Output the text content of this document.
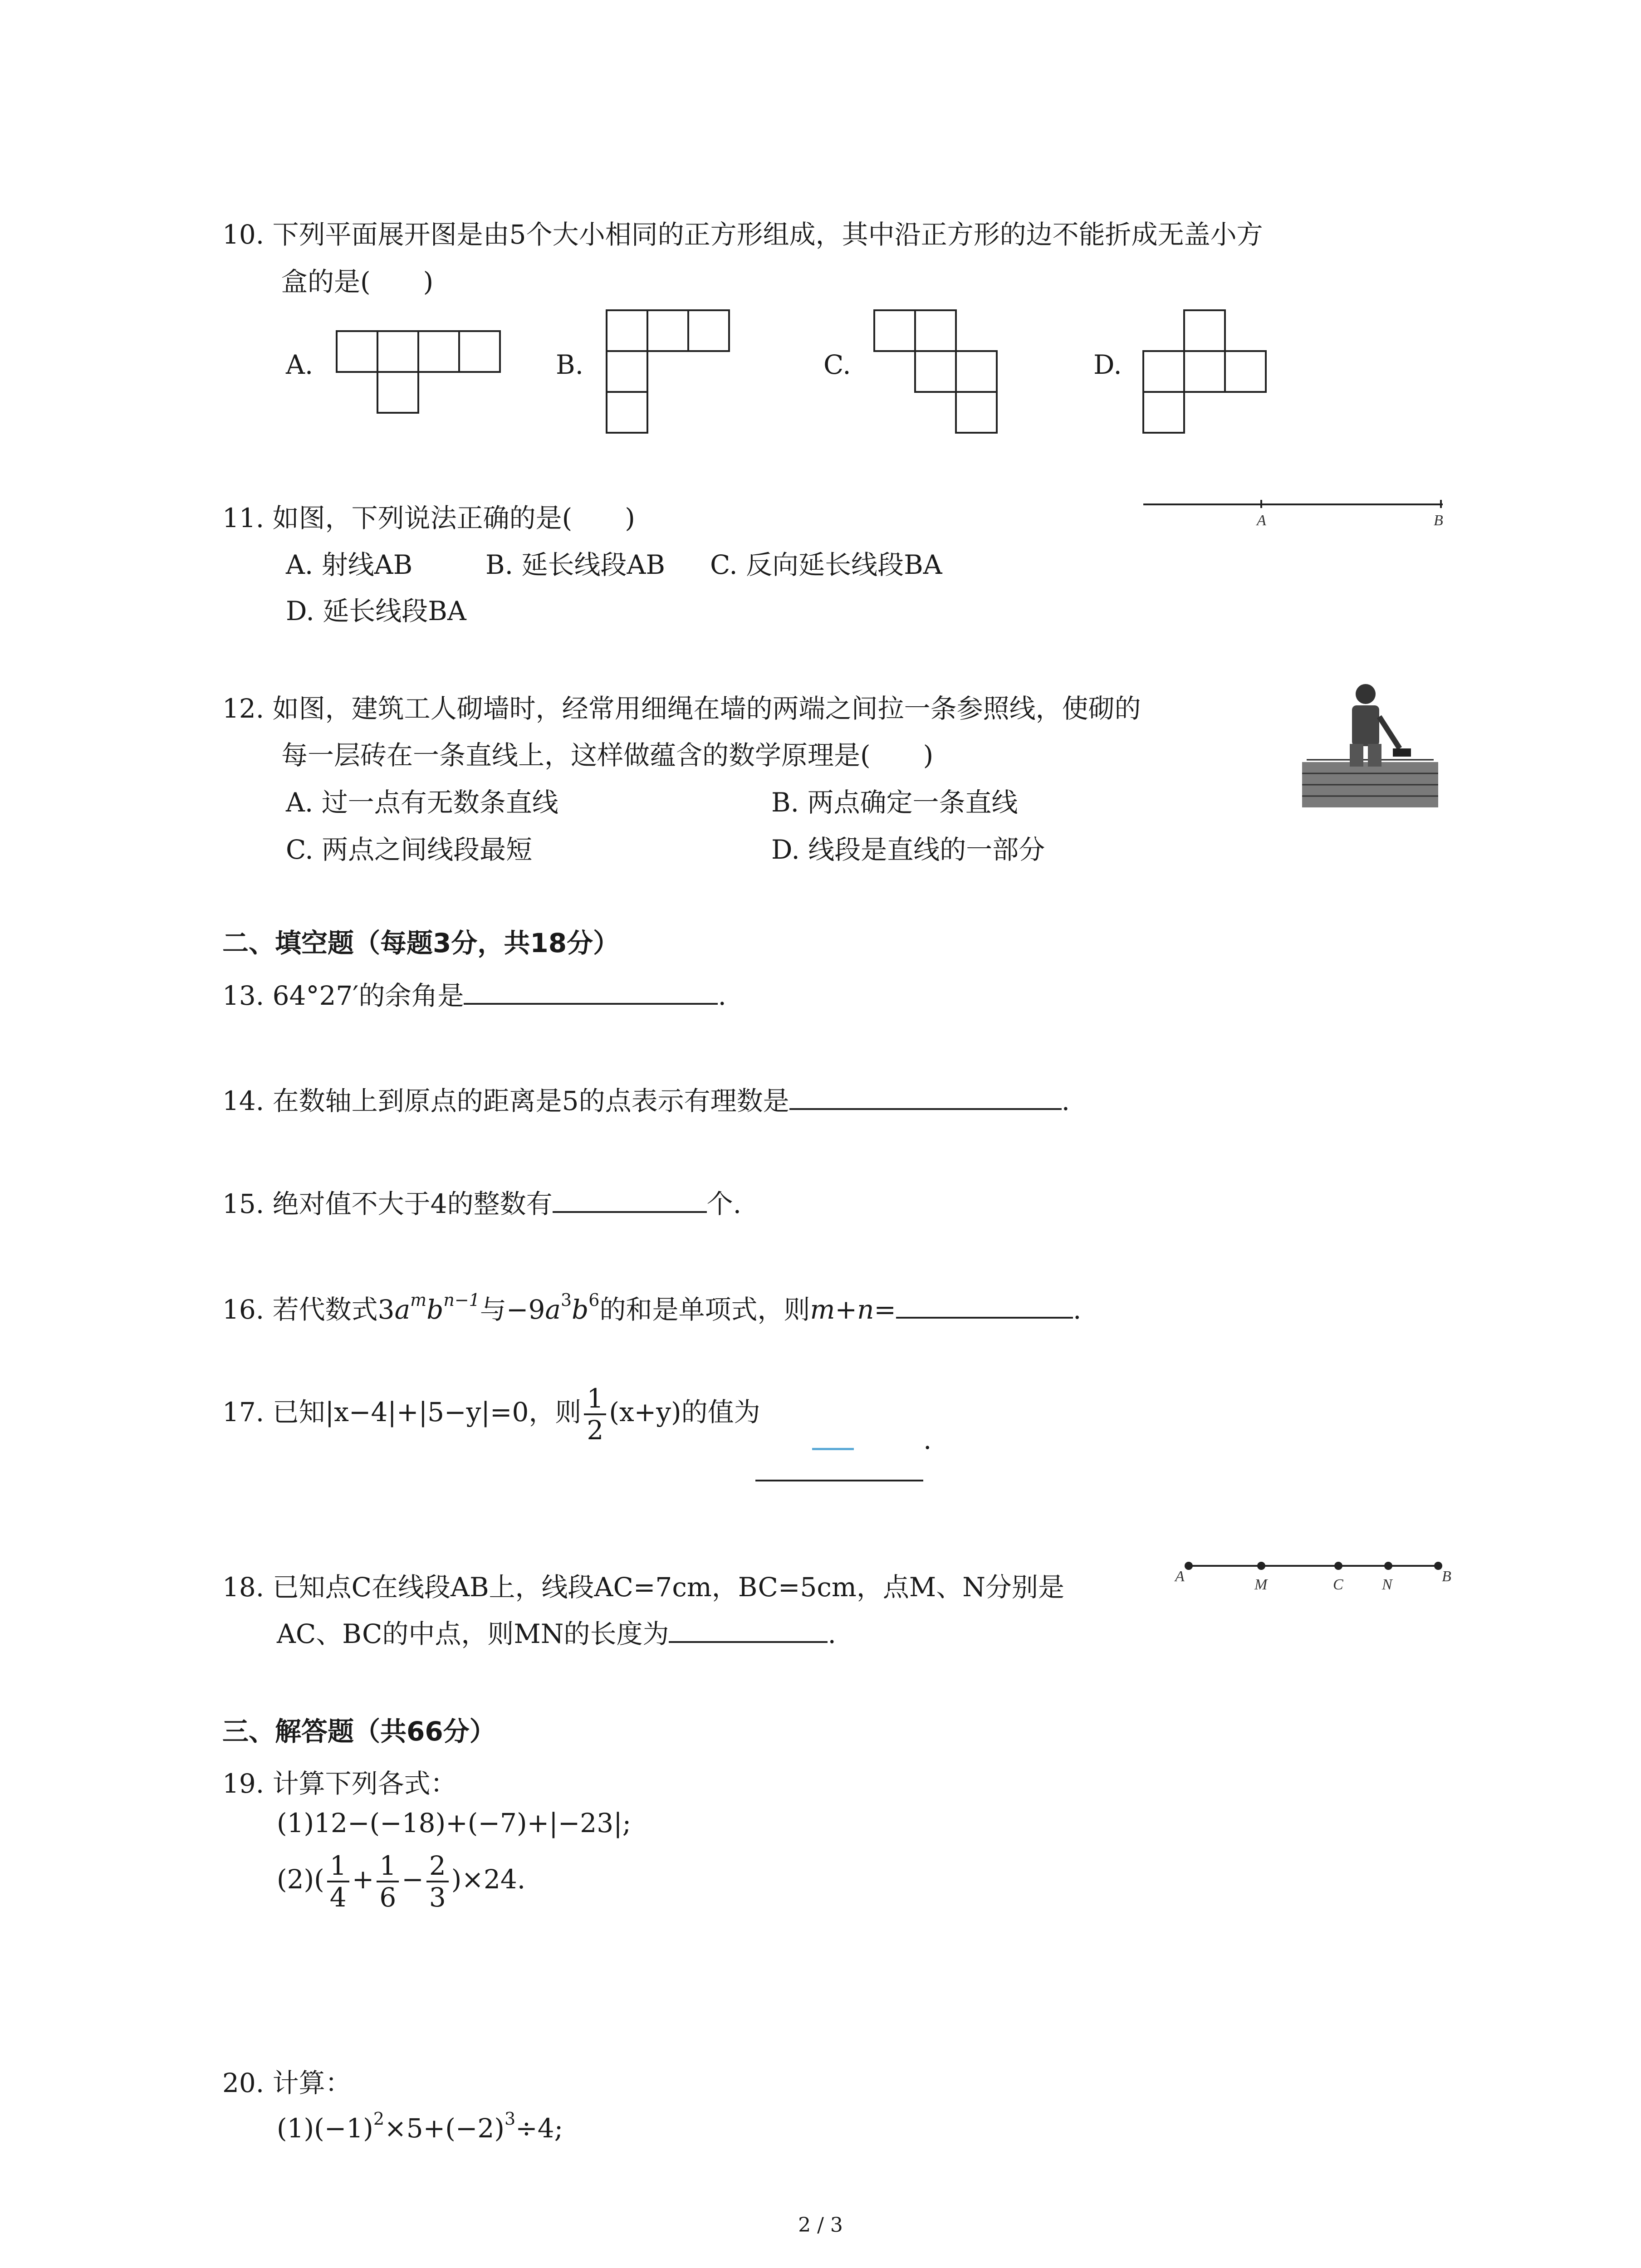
10. 下列平面展开图是由5个大小相同的正方形组成，其中沿正方形的边不能折成无盖小方
盒的是(　　)
A.	B.	C.	D.
11. 如图，下列说法正确的是(　　)
A. 射线AB	B. 延长线段AB C. 反向延长线段BA
D. 延长线段BA
A	B
12. 如图，建筑工人砌墙时，经常用细绳在墙的两端之间拉一条参照线，使砌的
每一层砖在一条直线上，这样做蕴含的数学原理是(　　)
A. 过一点有无数条直线	B. 两点确定一条直线
C. 两点之间线段最短	D. 线段是直线的一部分
二、填空题（每题3分，共18分）
13. 64°27′的余角是	.
14. 在数轴上到原点的距离是5的点表示有理数是	.
15. 绝对值不大于4的整数有	个.
16. 若代数式$3a^mb^{n-1}$与$-9a^3b^6$的和是单项式，则m+n=	.
17. 已知|x−4|+|5−y|=0，则 $\frac{1}{2} (x+y)$的值为
.
18. 已知点C在线段AB上，线段AC=7cm，BC=5cm，点M、N分别是
AC、BC的中点，则MN的长度为	.
A	M	C	N	B
三、解答题（共66分）
19. 计算下列各式：
(1)12−(−18)+(−7)+|−23|;
$(2)( \frac{1}{4} + \frac{1}{6} - \frac{2}{3} )\times 24$.
20. 计算：
$(1)(-1)^2\times 5+(-2)^3\div 4$;
2 / 3
